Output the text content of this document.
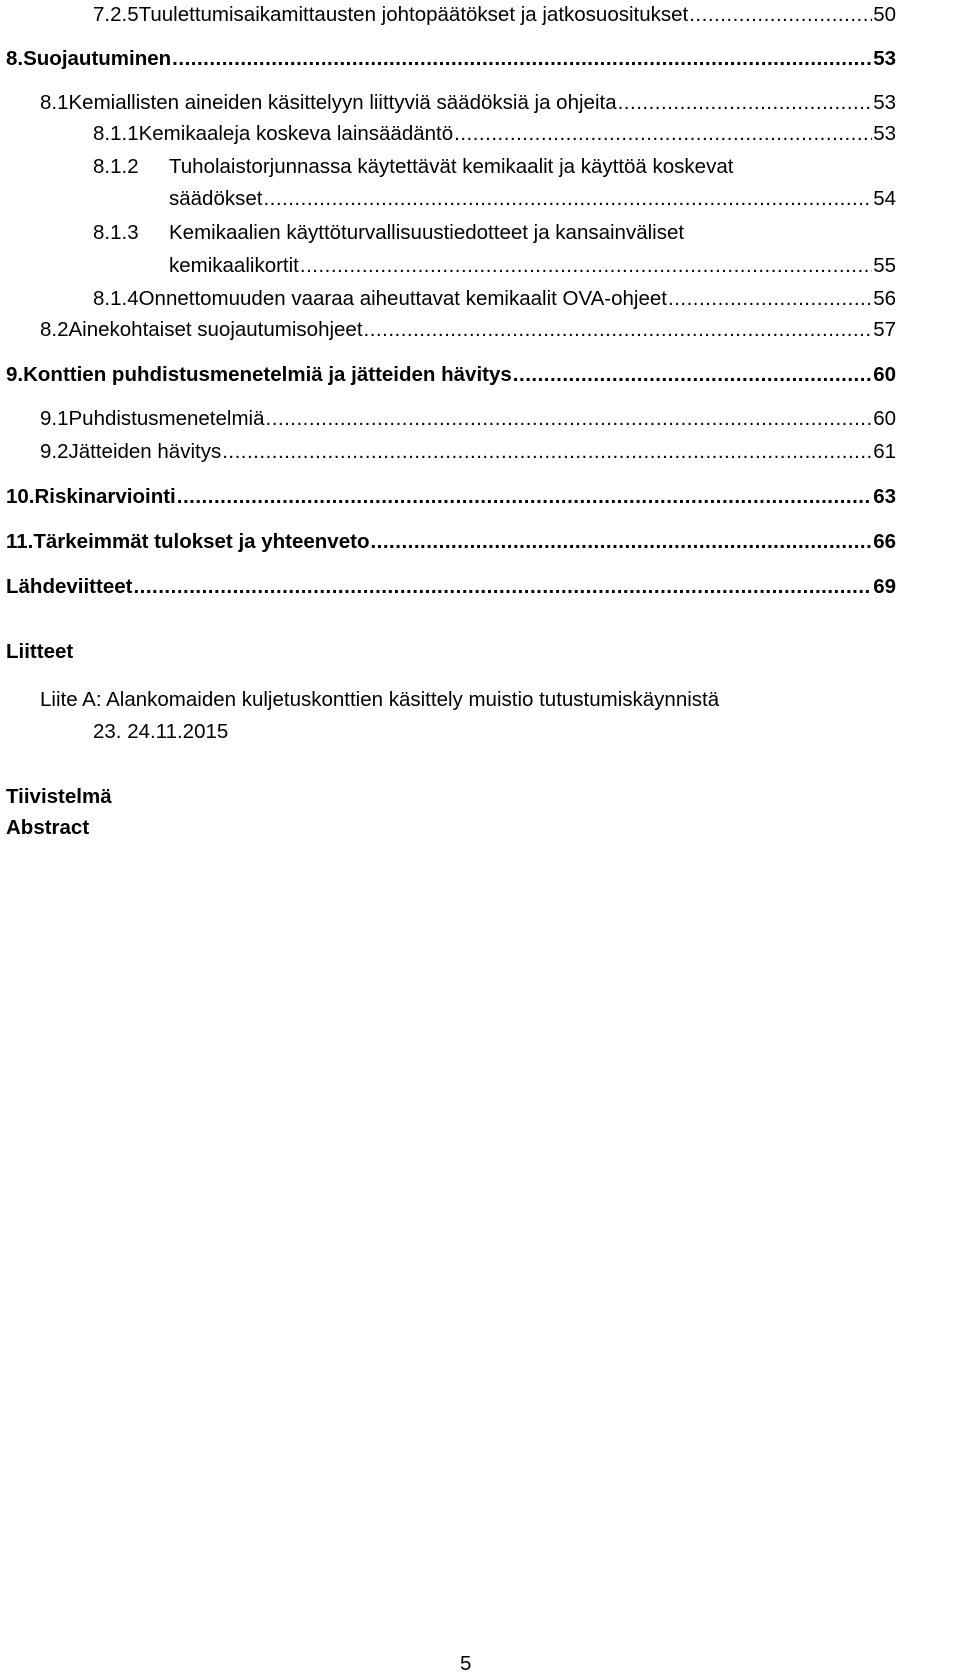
7.2.5 Tuulettumisaikamittausten johtopäätökset ja jatkosuositukset .....	50
8. Suojautuminen .....	53
8.1 Kemiallisten aineiden käsittelyyn liittyviä säädöksiä ja ohjeita .....	53
8.1.1 Kemikaaleja koskeva lainsäädäntö .....	53
8.1.2 Tuholaistorjunnassa käytettävät kemikaalit ja käyttöä koskevat
säädökset .....	54
8.1.3 Kemikaalien käyttöturvallisuustiedotteet ja kansainväliset
kemikaalikortit .....	55
8.1.4 Onnettomuuden vaaraa aiheuttavat kemikaalit OVA-ohjeet .....	56
8.2 Ainekohtaiset suojautumisohjeet .....	57
9. Konttien puhdistusmenetelmiä ja jätteiden hävitys .....	60
9.1 Puhdistusmenetelmiä .....	60
9.2 Jätteiden hävitys .....	61
10. Riskinarviointi .....	63
11. Tärkeimmät tulokset ja yhteenveto .....	66
Lähdeviitteet .....	69
Liitteet
Liite A: Alankomaiden kuljetuskonttien käsittely muistio tutustumiskäynnistä
23. 24.11.2015
Tiivistelmä
Abstract
5
